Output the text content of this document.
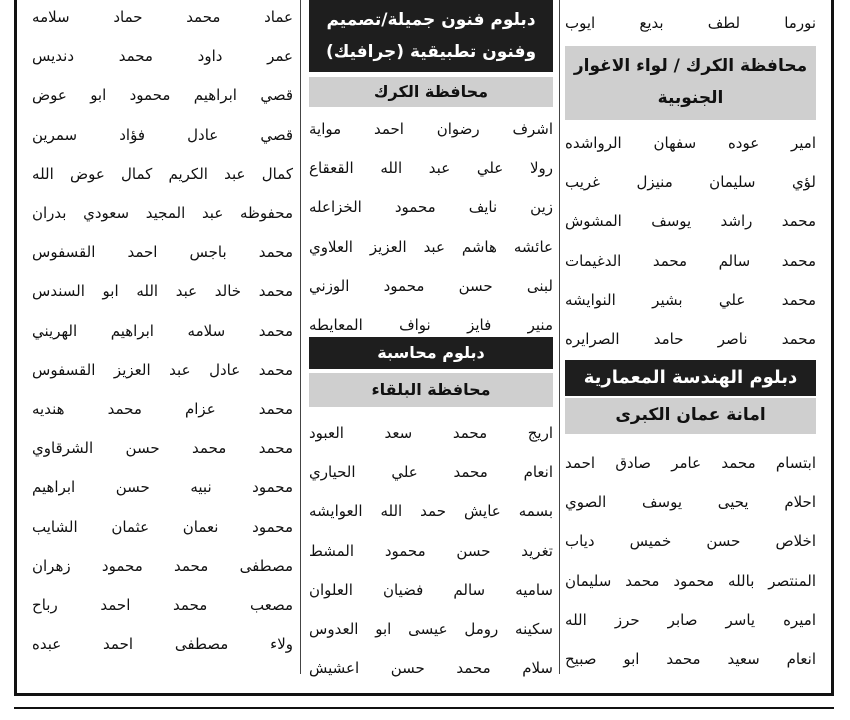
محافظة الكرك / لواء الاغوار الجنوبية
دبلوم الهندسة المعمارية
امانة عمان الكبرى
نورما
لطف
بديع
ايوب
امير
عوده
سفهان
الرواشده
لؤي
سليمان
منيزل
غريب
محمد
راشد
يوسف
المشوش
محمد
سالم
محمد
الدغيمات
محمد
علي
بشير
النوايشه
محمد
ناصر
حامد
الصرايره
ابتسام
محمد
عامر
صادق
احمد
احلام
يحيى
يوسف
الصوي
اخلاص
حسن
خميس
دياب
المنتصر
بالله
محمود
محمد
سليمان
اميره
ياسر
صابر
حرز
الله
انعام
سعيد
محمد
ابو
صبيح
دبلوم فنون جميلة/تصميم وفنون تطبيقية (جرافيك)
محافظة الكرك
دبلوم محاسبة
محافظة البلقاء
اشرف
رضوان
احمد
مواية
رولا
علي
عبد
الله
القعقاع
زين
نايف
محمود
الخزاعله
عائشه
هاشم
عبد
العزيز
العلاوي
لبنى
حسن
محمود
الوزني
منير
فايز
نواف
المعايطه
اريج
محمد
سعد
العبود
انعام
محمد
علي
الحياري
بسمه
عايش
حمد
الله
العوايشه
تغريد
حسن
محمود
المشط
ساميه
سالم
فضيان
العلوان
سكينه
رومل
عيسى
ابو
العدوس
سلام
محمد
حسن
اعشيش
عماد
محمد
حماد
سلامه
عمر
داود
محمد
دنديس
قصي
ابراهيم
محمود
ابو
عوض
قصي
عادل
فؤاد
سمرين
كمال
عبد
الكريم
كمال
عوض
الله
محفوظه
عبد
المجيد
سعودي
بدران
محمد
باجس
احمد
القسفوس
محمد
خالد
عبد
الله
ابو
السندس
محمد
سلامه
ابراهيم
الهريني
محمد
عادل
عبد
العزيز
القسفوس
محمد
عزام
محمد
هنديه
محمد
محمد
حسن
الشرقاوي
محمود
نبيه
حسن
ابراهيم
محمود
نعمان
عثمان
الشايب
مصطفى
محمد
محمود
زهران
مصعب
محمد
احمد
رباح
ولاء
مصطفى
احمد
عبده
